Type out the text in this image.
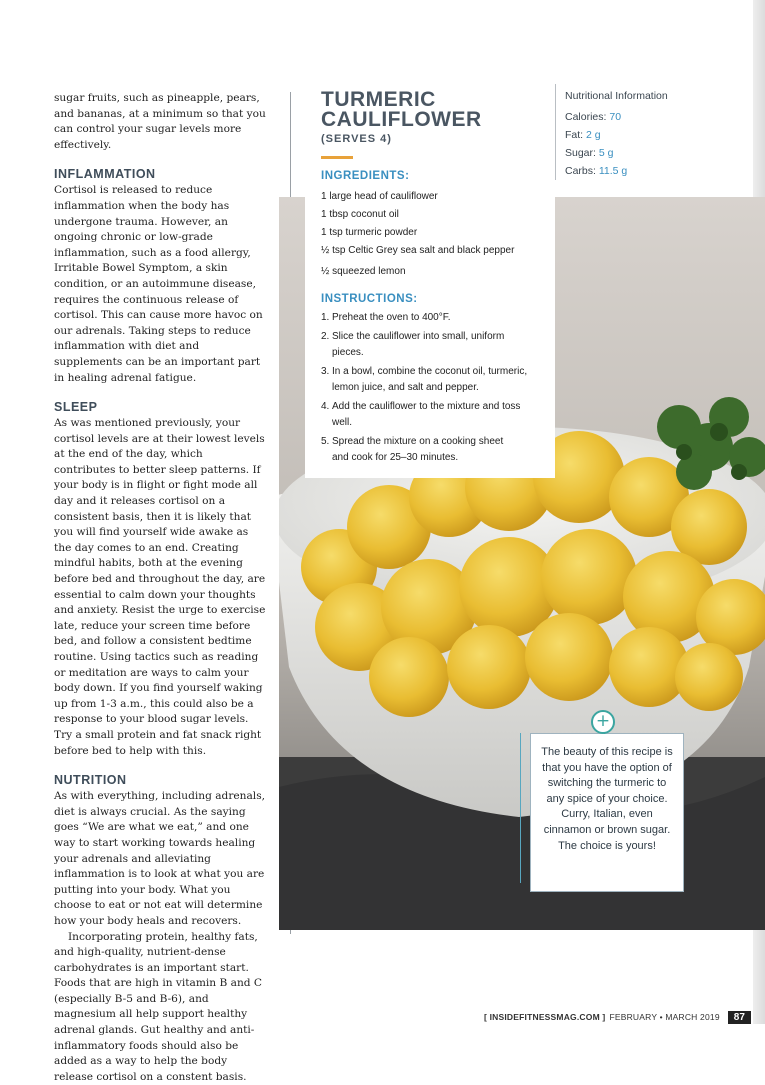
sugar fruits, such as pineapple, pears, and bananas, at a minimum so that you can control your sugar levels more effectively.

INFLAMMATION

Cortisol is released to reduce inflammation when the body has undergone trauma. However, an ongoing chronic or low-grade inflammation, such as a food allergy, Irritable Bowel Symptom, a skin condition, or an autoimmune disease, requires the continuous release of cortisol. This can cause more havoc on our adrenals. Taking steps to reduce inflammation with diet and supplements can be an important part in healing adrenal fatigue.

SLEEP

As was mentioned previously, your cortisol levels are at their lowest levels at the end of the day, which contributes to better sleep patterns. If your body is in flight or fight mode all day and it releases cortisol on a consistent basis, then it is likely that you will find yourself wide awake as the day comes to an end. Creating mindful habits, both at the evening before bed and throughout the day, are essential to calm down your thoughts and anxiety. Resist the urge to exercise late, reduce your screen time before bed, and follow a consistent bedtime routine. Using tactics such as reading or meditation are ways to calm your body down. If you find yourself waking up from 1-3 a.m., this could also be a response to your blood sugar levels. Try a small protein and fat snack right before bed to help with this.

NUTRITION

As with everything, including adrenals, diet is always crucial. As the saying goes “We are what we eat,” and one way to start working towards healing your adrenals and alleviating inflammation is to look at what you are putting into your body. What you choose to eat or not eat will determine how your body heals and recovers.

Incorporating protein, healthy fats, and high-quality, nutrient-dense carbohydrates is an important start. Foods that are high in vitamin B and C (especially B-5 and B-6), and magnesium all help support healthy adrenal glands. Gut healthy and anti-inflammatory foods should also be added as a way to help the body release cortisol on a constent basis.

TURMERIC
CAULIFLOWER
(SERVES 4)
INGREDIENTS:
1 large head of cauliflower
1 tbsp coconut oil
1 tsp turmeric powder
½ tsp Celtic Grey sea salt and black pepper
½ squeezed lemon
INSTRUCTIONS:
1. Preheat the oven to 400°F.
2. Slice the cauliflower into small, uniform pieces.
3. In a bowl, combine the coconut oil, turmeric, lemon juice, and salt and pepper.
4. Add the cauliflower to the mixture and toss well.
5. Spread the mixture on a cooking sheet and cook for 25–30 minutes.
Nutritional Information
Calories: 70
Fat: 2 g
Sugar: 5 g
Carbs: 11.5 g
The beauty of this recipe is that you have the option of switching the turmeric to any spice of your choice. Curry, Italian, even cinnamon or brown sugar. The choice is yours!
+
[ INSIDEFITNESSMAG.COM ] FEBRUARY • MARCH 2019	87
